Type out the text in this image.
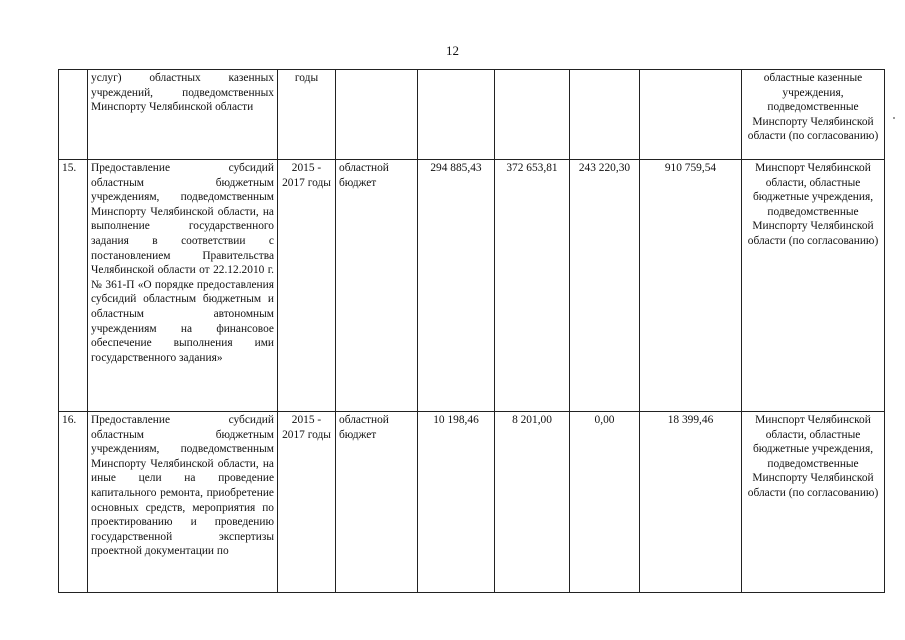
12
	услуг) областных казенных учреждений, подведомственных Минспорту Челябинской области	годы						областные казенные учреждения, подведомственные Минспорту Челябинской области (по согласованию)
15.	Предоставление субсидий областным бюджетным учреждениям, подведомственным Минспорту Челябинской области, на выполнение государственного задания в соответствии с постановлением Правительства Челябинской области от 22.12.2010 г. № 361-П «О порядке предоставления субсидий областным бюджетным и областным автономным учреждениям на финансовое обеспечение выполнения ими государственного задания»	2015 - 2017 годы	областной бюджет	294 885,43	372 653,81	243 220,30	910 759,54	Минспорт Челябинской области, областные бюджетные учреждения, подведомственные Минспорту Челябинской области (по согласованию)
16.	Предоставление субсидий областным бюджетным учреждениям, подведомственным Минспорту Челябинской области, на иные цели на проведение капитального ремонта, приобретение основных средств, мероприятия по проектированию и проведению государственной экспертизы проектной документации по	2015 - 2017 годы	областной бюджет	10 198,46	8 201,00	0,00	18 399,46	Минспорт Челябинской области, областные бюджетные учреждения, подведомственные Минспорту Челябинской области (по согласованию)
